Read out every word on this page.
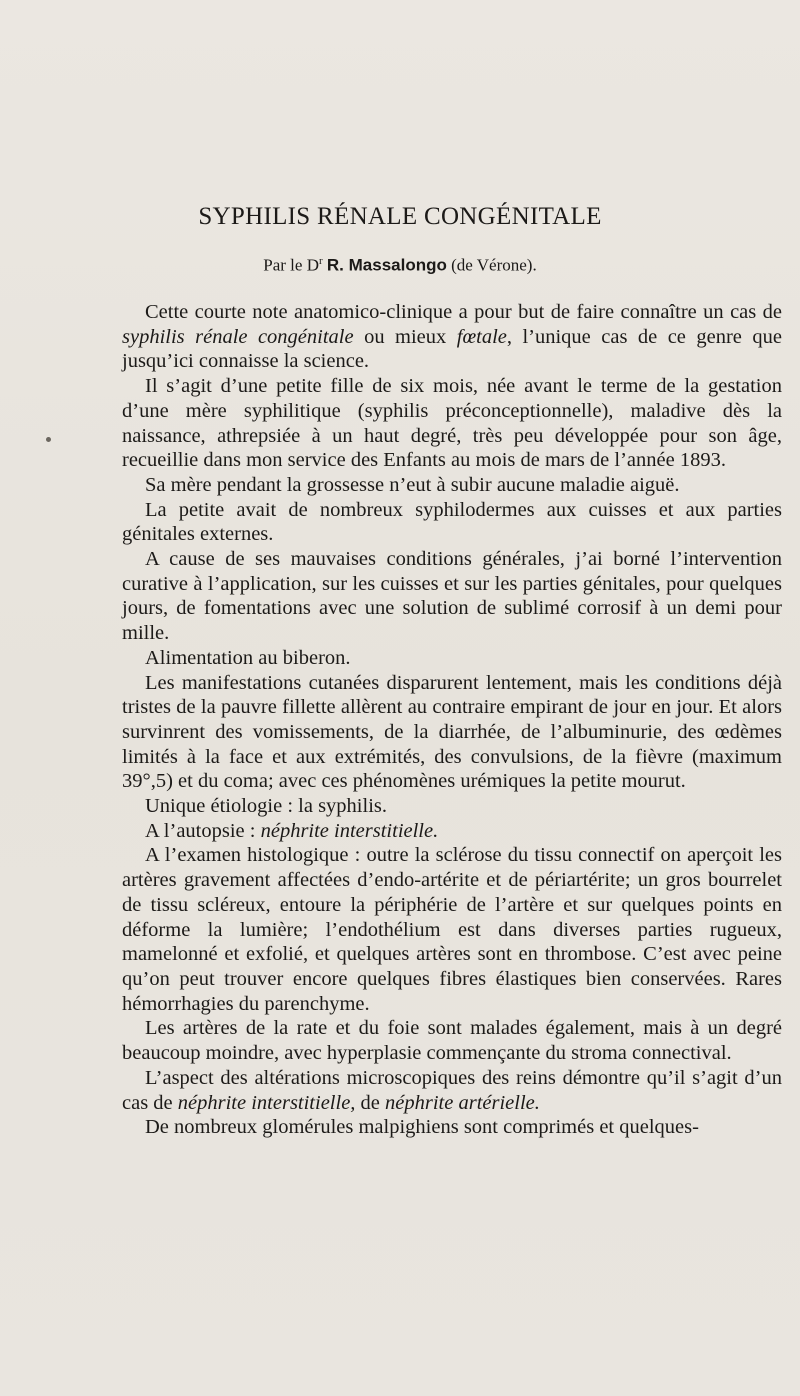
SYPHILIS RÉNALE CONGÉNITALE
Par le $D^r$ R. Massalongo (de Vérone).

Cette courte note anatomico-clinique a pour but de faire connaître un cas de syphilis rénale congénitale ou mieux fœtale, l’unique cas de ce genre que jusqu’ici connaisse la science.

Il s’agit d’une petite fille de six mois, née avant le terme de la gestation d’une mère syphilitique (syphilis préconceptionnelle), maladive dès la naissance, athrepsiée à un haut degré, très peu développée pour son âge, recueillie dans mon service des Enfants au mois de mars de l’année 1893.

Sa mère pendant la grossesse n’eut à subir aucune maladie aiguë.

La petite avait de nombreux syphilodermes aux cuisses et aux parties génitales externes.

A cause de ses mauvaises conditions générales, j’ai borné l’intervention curative à l’application, sur les cuisses et sur les parties génitales, pour quelques jours, de fomentations avec une solution de sublimé corrosif à un demi pour mille.

Alimentation au biberon.

Les manifestations cutanées disparurent lentement, mais les conditions déjà tristes de la pauvre fillette allèrent au contraire empirant de jour en jour. Et alors survinrent des vomissements, de la diarrhée, de l’albuminurie, des œdèmes limités à la face et aux extrémités, des convulsions, de la fièvre (maximum 39°,5) et du coma; avec ces phénomènes urémiques la petite mourut.

Unique étiologie : la syphilis.

A l’autopsie : néphrite interstitielle.

A l’examen histologique : outre la sclérose du tissu connectif on aperçoit les artères gravement affectées d’endo-artérite et de périartérite; un gros bourrelet de tissu scléreux, entoure la périphérie de l’artère et sur quelques points en déforme la lumière; l’endothélium est dans diverses parties rugueux, mamelonné et exfolié, et quelques artères sont en thrombose. C’est avec peine qu’on peut trouver encore quelques fibres élastiques bien conservées. Rares hémorrhagies du parenchyme.

Les artères de la rate et du foie sont malades également, mais à un degré beaucoup moindre, avec hyperplasie commençante du stroma connectival.

L’aspect des altérations microscopiques des reins démontre qu’il s’agit d’un cas de néphrite interstitielle, de néphrite artérielle.

De nombreux glomérules malpighiens sont comprimés et quelques-
